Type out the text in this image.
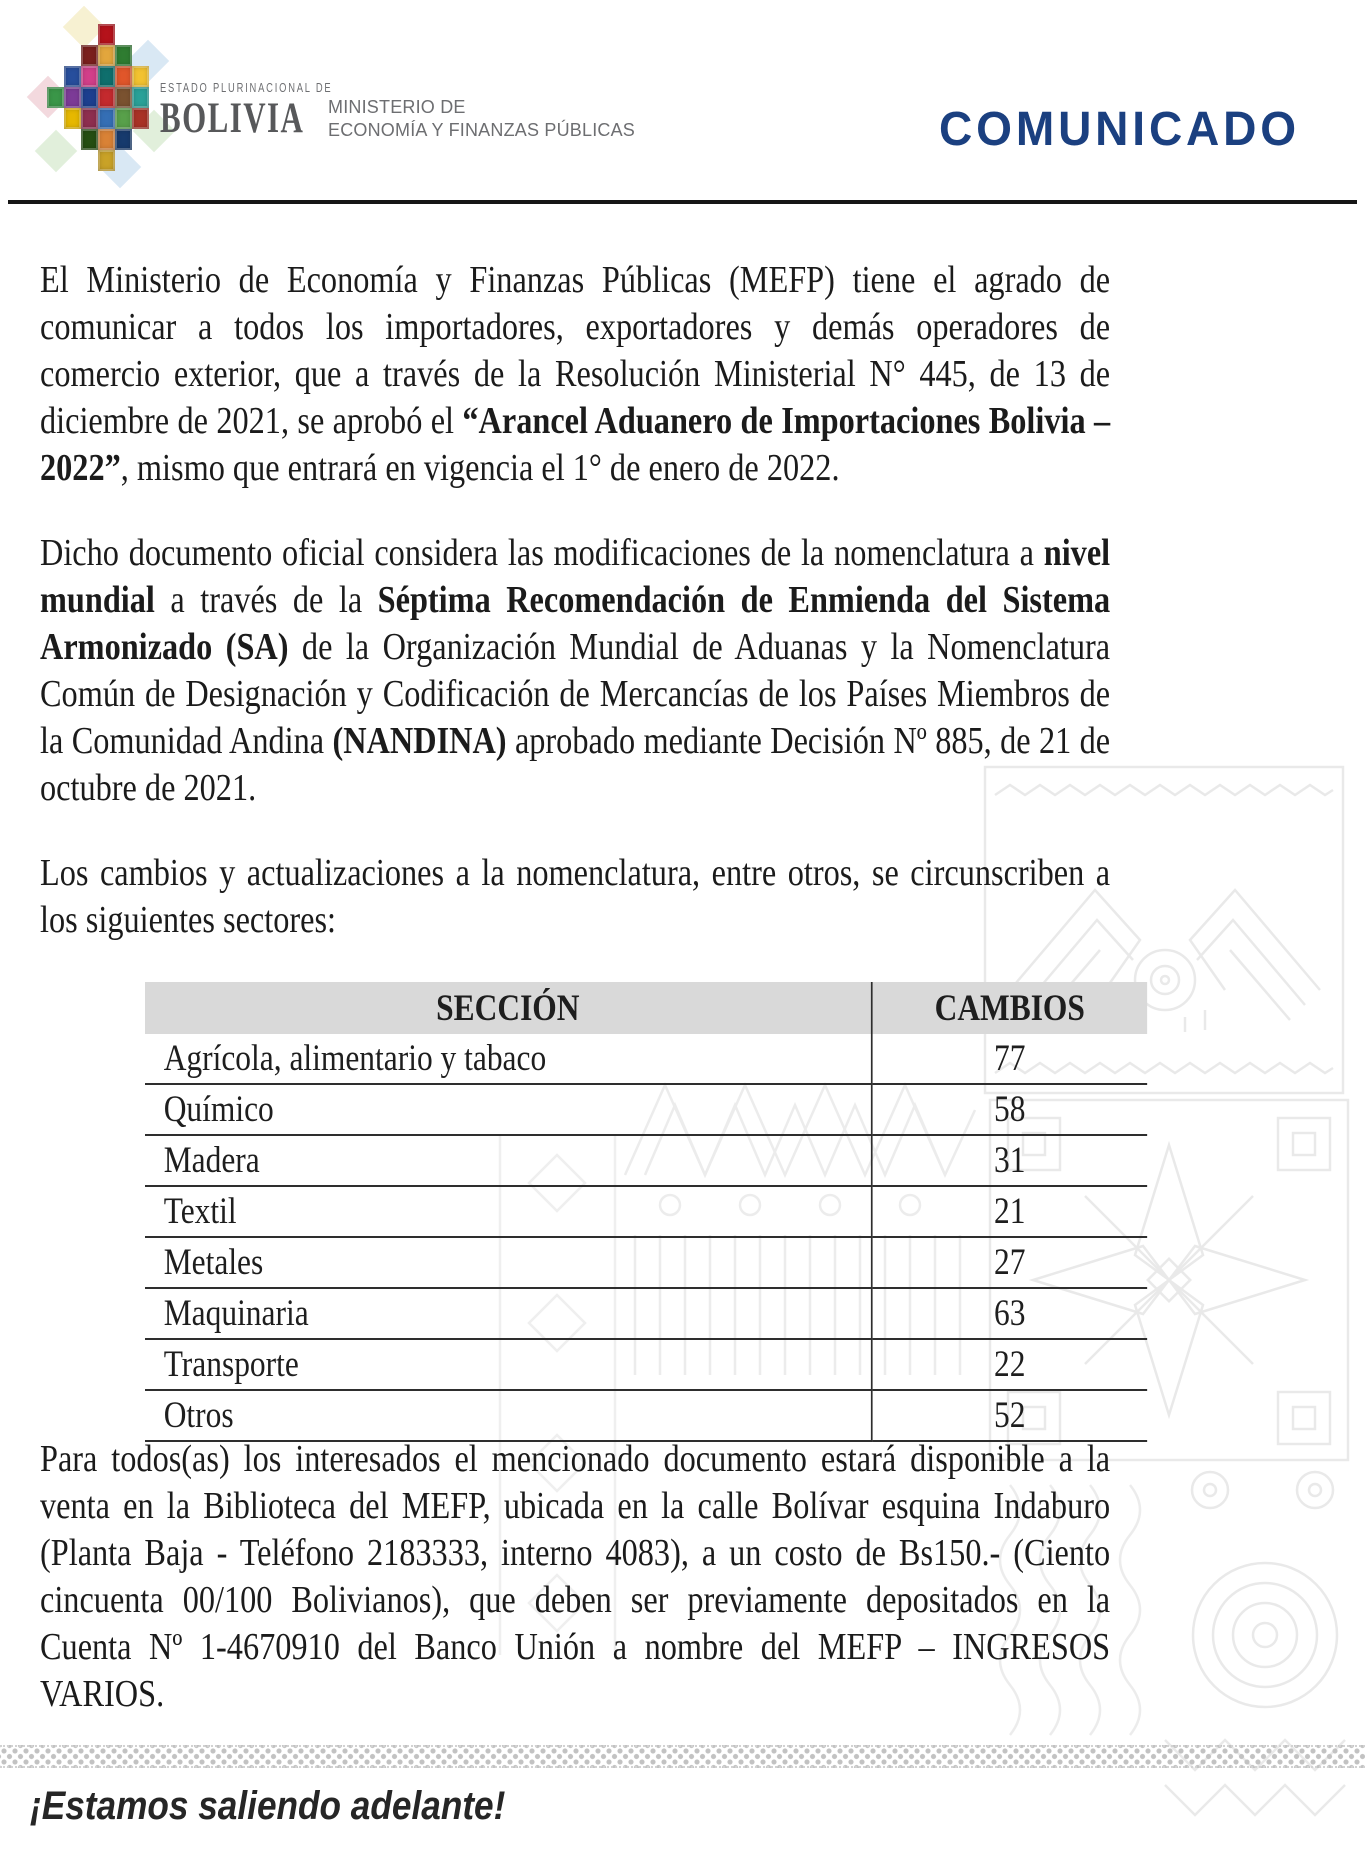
ESTADO PLURINACIONAL DE
BOLIVIA	MINISTERIO DE
ECONOMÍA Y FINANZAS PÚBLICAS	COMUNICADO

El Ministerio de Economía y Finanzas Públicas (MEFP) tiene el agrado de comunicar a todos los importadores, exportadores y demás operadores de comercio exterior, que a través de la Resolución Ministerial N° 445, de 13 de diciembre de 2021, se aprobó el “Arancel Aduanero de Importaciones Bolivia – 2022”, mismo que entrará en vigencia el 1° de enero de 2022.

Dicho documento oficial considera las modificaciones de la nomenclatura a nivel mundial a través de la Séptima Recomendación de Enmienda del Sistema Armonizado (SA) de la Organización Mundial de Aduanas y la Nomenclatura Común de Designación y Codificación de Mercancías de los Países Miembros de la Comunidad Andina (NANDINA) aprobado mediante Decisión Nº 885, de 21 de octubre de 2021.

Los cambios y actualizaciones a la nomenclatura, entre otros, se circunscriben a los siguientes sectores:

SECCIÓN	CAMBIOS
Agrícola, alimentario y tabaco	77
Químico	58
Madera	31
Textil	21
Metales	27
Maquinaria	63
Transporte	22
Otros	52

Para todos(as) los interesados el mencionado documento estará disponible a la venta en la Biblioteca del MEFP, ubicada en la calle Bolívar esquina Indaburo (Planta Baja - Teléfono 2183333, interno 4083), a un costo de Bs150.- (Ciento cincuenta 00/100 Bolivianos), que deben ser previamente depositados en la Cuenta Nº 1-4670910 del Banco Unión a nombre del MEFP – INGRESOS VARIOS.

¡Estamos saliendo adelante!
